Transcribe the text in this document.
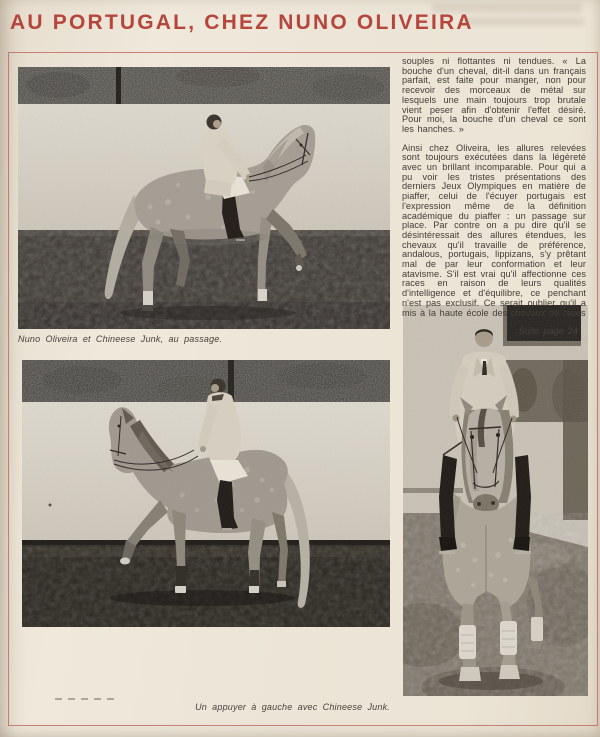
AU PORTUGAL, CHEZ NUNO OLIVEIRA
Nuno Oliveira et Chineese Junk, au passage.
Un appuyer à gauche avec Chineese Junk.

souples ni flottantes ni tendues. « La bouche d'un cheval, dit-il dans un français parfait, est faite pour manger, non pour recevoir des morceaux de métal sur lesquels une main toujours trop brutale vient peser afin d'obtenir l'effet désiré. Pour moi, la bouche d'un cheval ce sont les hanches. »

Ainsi chez Oliveira, les allures relevées sont toujours exécutées dans la légèreté avec un brillant incomparable. Pour qui a pu voir les tristes présentations des derniers Jeux Olympiques en matière de piaffer, celui de l'écuyer portugais est l'expression même de la définition académique du piaffer : un passage sur place. Par contre on a pu dire qu'il se désintéressait des allures étendues, les chevaux qu'il travaille de préférence, andalous, portugais, lippizans, s'y prêtant mal de par leur conformation et leur atavisme. S'il est vrai qu'il affectionne ces races en raison de leurs qualités d'intelligence et d'équilibre, ce penchant n'est pas exclusif. Ce serait oublier qu'il a mis à la haute école des chevaux de races

Suite page 24
